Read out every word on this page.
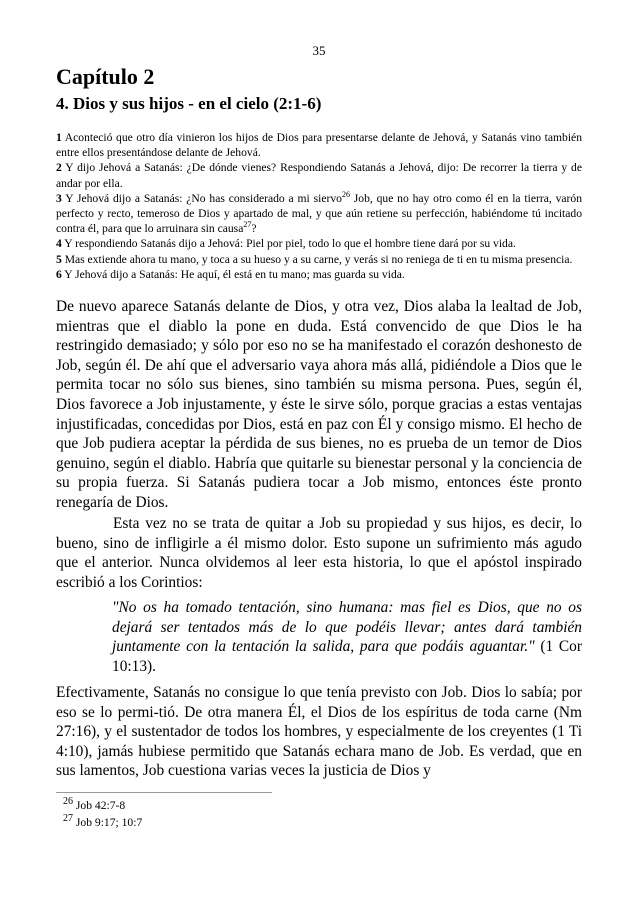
35
Capítulo 2
4. Dios y sus hijos - en el cielo (2:1-6)

1 Aconteció que otro día vinieron los hijos de Dios para presentarse delante de Jehová, y Satanás vino también entre ellos presentándose delante de Jehová.

2 Y dijo Jehová a Satanás: ¿De dónde vienes? Respondiendo Satanás a Jehová, dijo: De recorrer la tierra y de andar por ella.

3 Y Jehová dijo a Satanás: ¿No has considerado a mi siervo$^{26}$ Job, que no hay otro como él en la tierra, varón perfecto y recto, temeroso de Dios y apartado de mal, y que aún retiene su perfección, habiéndome tú incitado contra él, para que lo arruinara sin causa$^{27}$?

4 Y respondiendo Satanás dijo a Jehová: Piel por piel, todo lo que el hombre tiene dará por su vida.

5 Mas extiende ahora tu mano, y toca a su hueso y a su carne, y verás si no reniega de ti en tu misma presencia.

6 Y Jehová dijo a Satanás: He aquí, él está en tu mano; mas guarda su vida.

De nuevo aparece Satanás delante de Dios, y otra vez, Dios alaba la lealtad de Job, mientras que el diablo la pone en duda. Está convencido de que Dios le ha restringido demasiado; y sólo por eso no se ha manifestado el corazón deshonesto de Job, según él. De ahí que el adversario vaya ahora más allá, pidiéndole a Dios que le permita tocar no sólo sus bienes, sino también su misma persona. Pues, según él, Dios favorece a Job injustamente, y éste le sirve sólo, porque gracias a estas ventajas injustificadas, concedidas por Dios, está en paz con Él y consigo mismo. El hecho de que Job pudiera aceptar la pérdida de sus bienes, no es prueba de un temor de Dios genuino, según el diablo. Habría que quitarle su bienestar personal y la conciencia de su propia fuerza. Si Satanás pudiera tocar a Job mismo, entonces éste pronto renegaría de Dios.

Esta vez no se trata de quitar a Job su propiedad y sus hijos, es decir, lo bueno, sino de infligirle a él mismo dolor. Esto supone un sufrimiento más agudo que el anterior. Nunca olvidemos al leer esta historia, lo que el apóstol inspirado escribió a los Corintios:

"No os ha tomado tentación, sino humana: mas fiel es Dios, que no os dejará ser tentados más de lo que podéis llevar; antes dará también juntamente con la tentación la salida, para que podáis aguantar." (1 Cor 10:13).

Efectivamente, Satanás no consigue lo que tenía previsto con Job. Dios lo sabía; por eso se lo permi-tió. De otra manera Él, el Dios de los espíritus de toda carne (Nm 27:16), y el sustentador de todos los hombres, y especialmente de los creyentes (1 Ti 4:10), jamás hubiese permitido que Satanás echara mano de Job. Es verdad, que en sus lamentos, Job cuestiona varias veces la justicia de Dios y

$^{26}$ Job 42:7-8

$^{27}$ Job 9:17; 10:7
